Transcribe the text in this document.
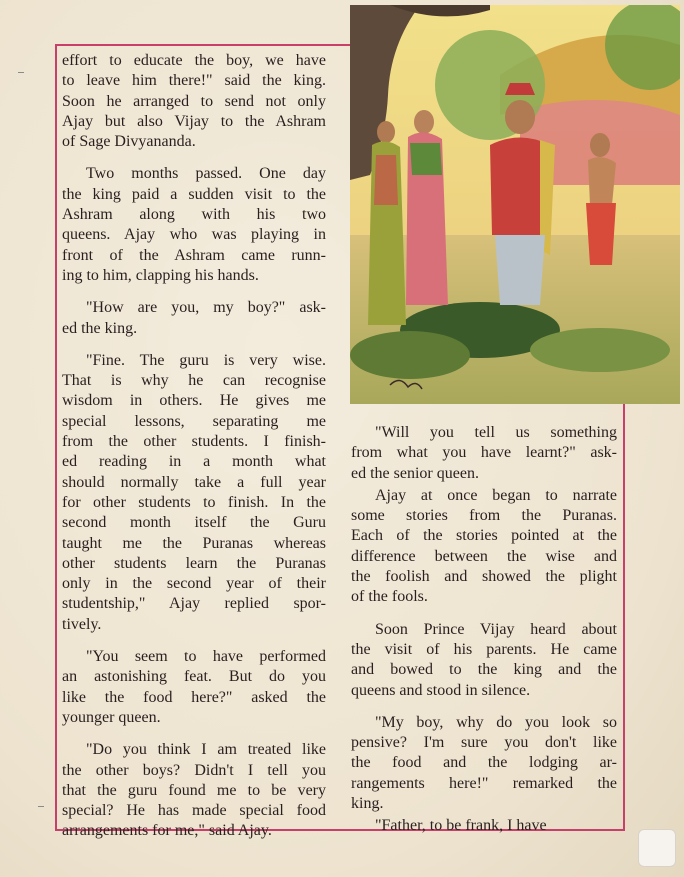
effort to educate the boy, we have
to leave him there!" said the king.
Soon he arranged to send not only
Ajay but also Vijay to the Ashram
of Sage Divyananda.

Two months passed. One day
the king paid a sudden visit to the
Ashram along with his two
queens. Ajay who was playing in
front of the Ashram came runn-
ing to him, clapping his hands.

"How are you, my boy?" ask-
ed the king.

"Fine. The guru is very wise.
That is why he can recognise
wisdom in others. He gives me
special lessons, separating me
from the other students. I finish-
ed reading in a month what
should normally take a full year
for other students to finish. In the
second month itself the Guru
taught me the Puranas whereas
other students learn the Puranas
only in the second year of their
studentship," Ajay replied spor-
tively.

"You seem to have performed
an astonishing feat. But do you
like the food here?" asked the
younger queen.

"Do you think I am treated like
the other boys? Didn't I tell you
that the guru found me to be very
special? He has made special food
arrangements for me," said Ajay.

"Will you tell us something
from what you have learnt?" ask-
ed the senior queen.

Ajay at once began to narrate
some stories from the Puranas.
Each of the stories pointed at the
difference between the wise and
the foolish and showed the plight
of the fools.

Soon Prince Vijay heard about
the visit of his parents. He came
and bowed to the king and the
queens and stood in silence.

"My boy, why do you look so
pensive? I'm sure you don't like
the food and the lodging ar-
rangements here!" remarked the
king.

"Father, to be frank, I have
